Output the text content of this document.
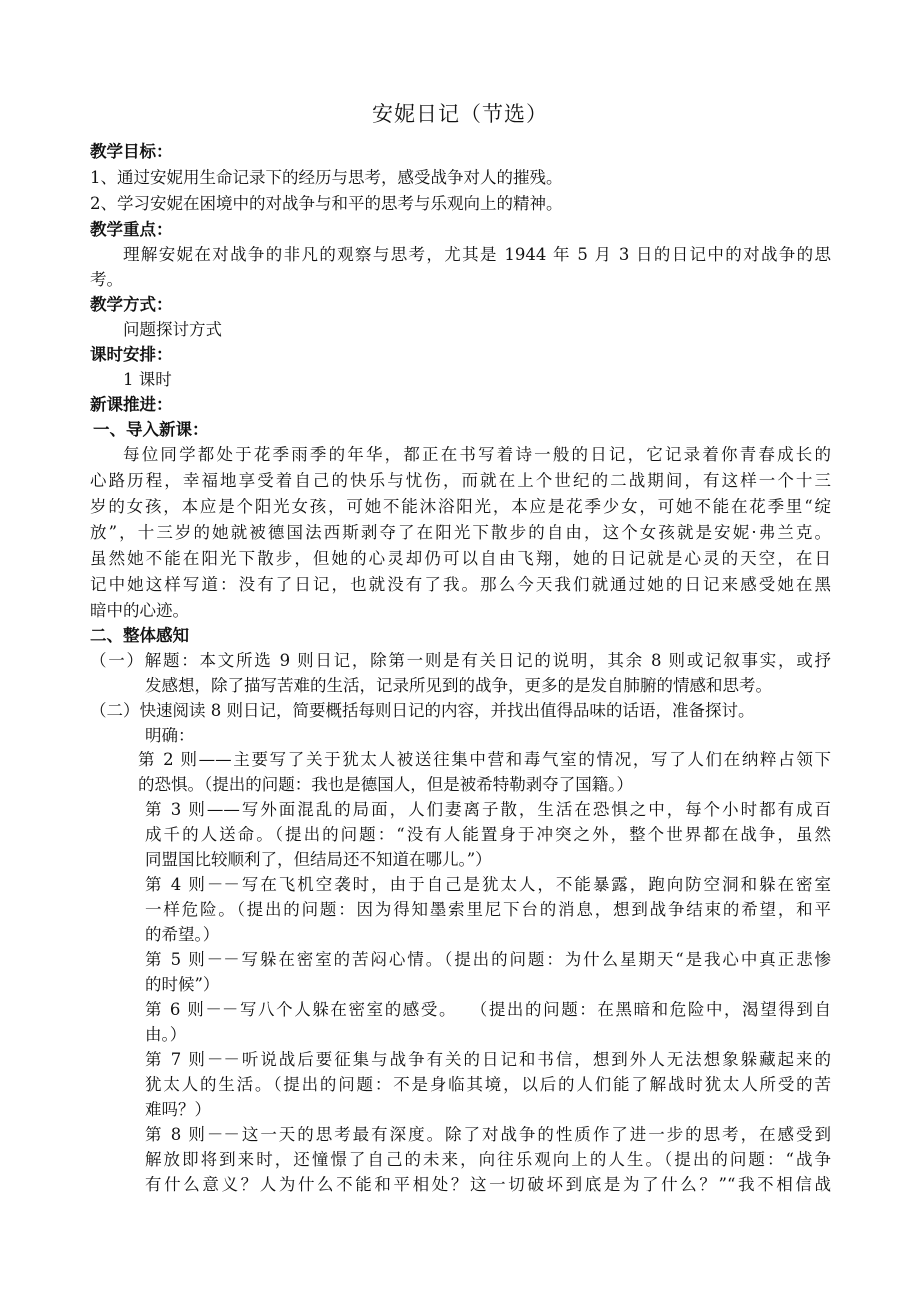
安妮日记（节选）
教学目标：
1、通过安妮用生命记录下的经历与思考，感受战争对人的摧残。
2、学习安妮在困境中的对战争与和平的思考与乐观向上的精神。
教学重点：
理解安妮在对战争的非凡的观察与思考，尤其是 1944 年 5 月 3 日的日记中的对战争的思
考。
教学方式：
问题探讨方式
课时安排：
1 课时
新课推进：
一、导入新课：
每位同学都处于花季雨季的年华，都正在书写着诗一般的日记，它记录着你青春成长的
心路历程，幸福地享受着自己的快乐与忧伤，而就在上个世纪的二战期间，有这样一个十三
岁的女孩，本应是个阳光女孩，可她不能沐浴阳光，本应是花季少女，可她不能在花季里“绽
放”，十三岁的她就被德国法西斯剥夺了在阳光下散步的自由，这个女孩就是安妮·弗兰克。
虽然她不能在阳光下散步，但她的心灵却仍可以自由飞翔，她的日记就是心灵的天空，在日
记中她这样写道：没有了日记，也就没有了我。那么今天我们就通过她的日记来感受她在黑
暗中的心迹。
二、整体感知
（一）解题：本文所选 9 则日记，除第一则是有关日记的说明，其余 8 则或记叙事实，或抒
发感想，除了描写苦难的生活，记录所见到的战争，更多的是发自肺腑的情感和思考。
（二）快速阅读 8 则日记，简要概括每则日记的内容，并找出值得品味的话语，准备探讨。
明确：
第 2 则——主要写了关于犹太人被送往集中营和毒气室的情况，写了人们在纳粹占领下
的恐惧。（提出的问题：我也是德国人，但是被希特勒剥夺了国籍。）
第 3 则——写外面混乱的局面，人们妻离子散，生活在恐惧之中，每个小时都有成百
成千的人送命。（提出的问题：“没有人能置身于冲突之外，整个世界都在战争，虽然
同盟国比较顺利了，但结局还不知道在哪儿。”）
第 4 则－－写在飞机空袭时，由于自己是犹太人，不能暴露，跑向防空洞和躲在密室
一样危险。（提出的问题：因为得知墨索里尼下台的消息，想到战争结束的希望，和平
的希望。）
第 5 则－－写躲在密室的苦闷心情。（提出的问题：为什么星期天“是我心中真正悲惨
的时候”）
第 6 则－－写八个人躲在密室的感受。  （提出的问题：在黑暗和危险中，渴望得到自
由。）
第 7 则－－听说战后要征集与战争有关的日记和书信，想到外人无法想象躲藏起来的
犹太人的生活。（提出的问题：不是身临其境，以后的人们能了解战时犹太人所受的苦
难吗？）
第 8 则－－这一天的思考最有深度。除了对战争的性质作了进一步的思考，在感受到
解放即将到来时，还憧憬了自己的未来，向往乐观向上的人生。（提出的问题：“战争
有什么意义？人为什么不能和平相处？这一切破坏到底是为了什么？”“我不相信战
